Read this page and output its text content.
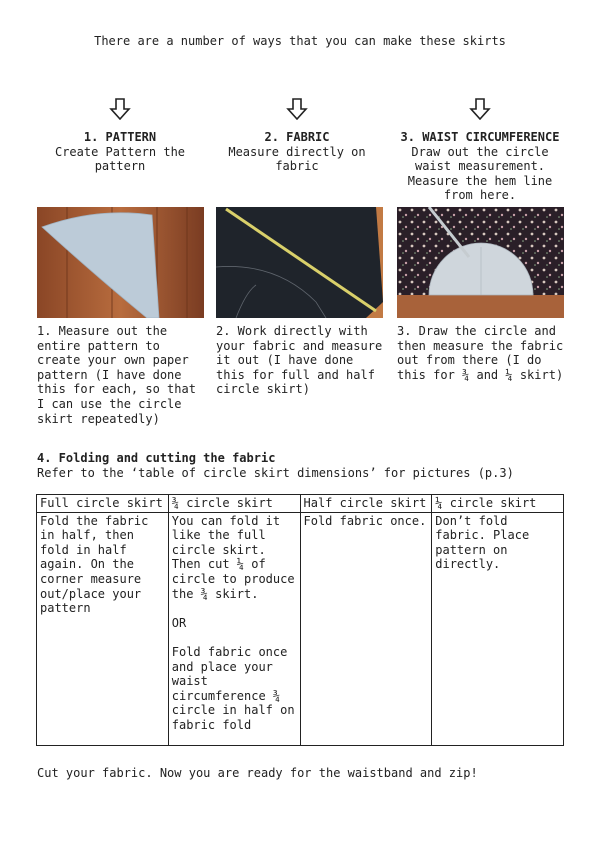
There are a number of ways that you can make these skirts
1. PATTERN
Create Pattern the pattern
2. FABRIC
Measure directly on fabric
3. WAIST CIRCUMFERENCE
Draw out the circle waist measurement. Measure the hem line from here.
1. Measure out the entire pattern to create your own paper pattern (I have done this for each, so that I can use the circle skirt repeatedly)
2. Work directly with your fabric and measure it out (I have done this for full and half circle skirt)
3. Draw the circle and then measure the fabric out from there (I do this for ¾ and ¼ skirt)
4. Folding and cutting the fabric
Refer to the ‘table of circle skirt dimensions’ for pictures (p.3)
Full circle skirt	¾ circle skirt	Half circle skirt	¼ circle skirt
Fold the fabric in half, then fold in half again. On the corner measure out/place your pattern	You can fold it like the full circle skirt. Then cut ¼ of circle to produce the ¾ skirt.

OR

Fold fabric once and place your waist circumference ¾ circle in half on fabric fold	Fold fabric once.	Don’t fold fabric. Place pattern on directly.
Cut your fabric. Now you are ready for the waistband and zip!
